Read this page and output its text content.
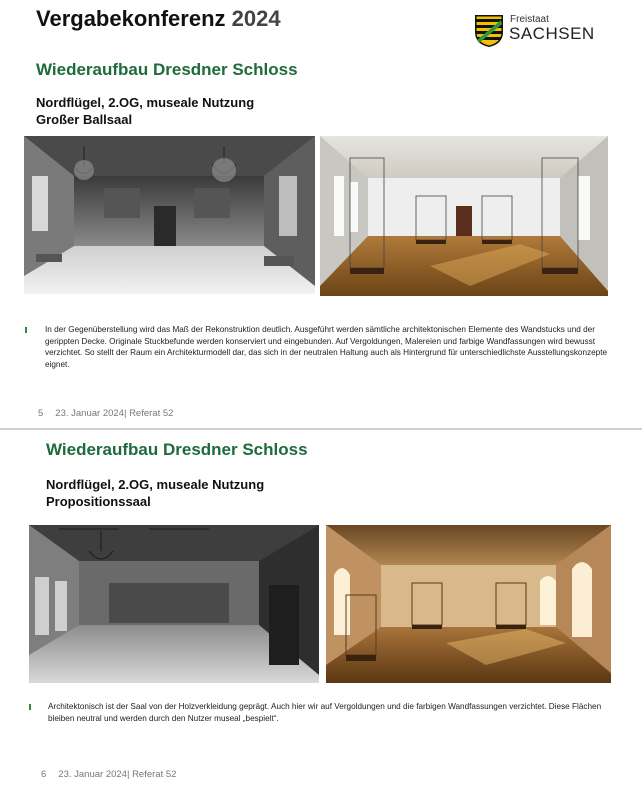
Vergabekonferenz 2024	Freistaat
SACHSEN
Wiederaufbau Dresdner Schloss
Nordflügel, 2.OG, museale Nutzung
Großer Ballsaal
In der Gegenüberstellung wird das Maß der Rekonstruktion deutlich. Ausgeführt werden sämtliche architektonischen Elemente des Wandstucks und der gerippten Decke. Originale Stuckbefunde werden konserviert und eingebunden. Auf Vergoldungen, Malereien und farbige Wandfassungen wird bewusst verzichtet. So stellt der Raum ein Architekturmodell dar, das sich in der neutralen Haltung auch als Hintergrund für unterschiedlichste Ausstellungskonzepte eignet.
5 23. Januar 2024| Referat 52
Wiederaufbau Dresdner Schloss
Nordflügel, 2.OG, museale Nutzung
Propositionssaal
Architektonisch ist der Saal von der Holzverkleidung geprägt. Auch hier wir auf Vergoldungen und die farbigen Wandfassungen verzichtet. Diese Flächen bleiben neutral und werden durch den Nutzer museal „bespielt“.
6 23. Januar 2024| Referat 52
